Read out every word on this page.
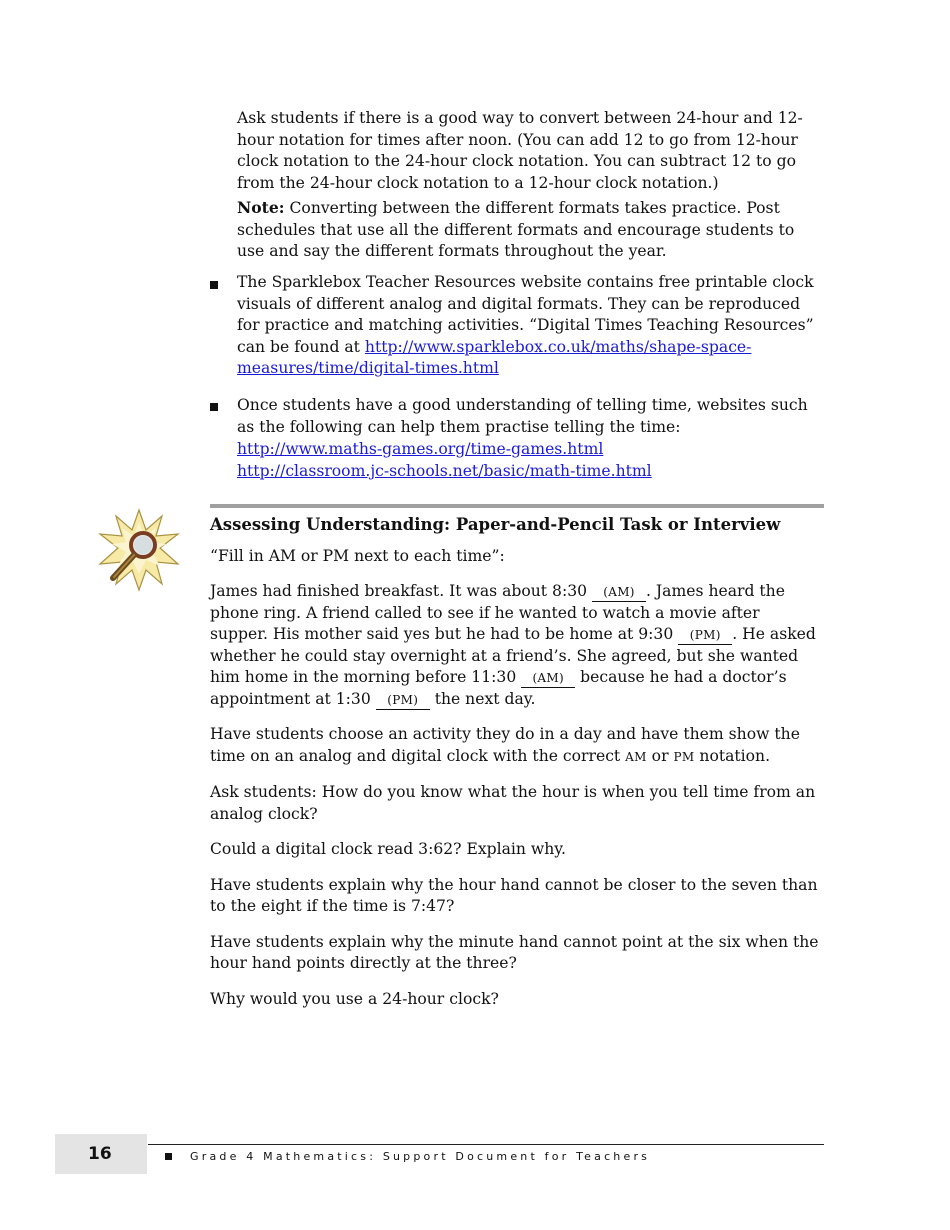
Ask students if there is a good way to convert between 24-hour and 12-hour notation for times after noon. (You can add 12 to go from 12-hour clock notation to the 24-hour clock notation. You can subtract 12 to go from the 24-hour clock notation to a 12-hour clock notation.)

Note: Converting between the different formats takes practice. Post schedules that use all the different formats and encourage students to use and say the different formats throughout the year.

The Sparklebox Teacher Resources website contains free printable clock visuals of different analog and digital formats. They can be reproduced for practice and matching activities. “Digital Times Teaching Resources” can be found at http://www.sparklebox.co.uk/maths/shape-space-measures/time/digital-times.html

Once students have a good understanding of telling time, websites such as the following can help them practise telling the time:

http://www.maths-games.org/time-games.html
http://classroom.jc-schools.net/basic/math-time.html

Assessing Understanding: Paper-and-Pencil Task or Interview

“Fill in AM or PM next to each time”:

James had finished breakfast. It was about 8:30 (AM) . James heard the phone ring. A friend called to see if he wanted to watch a movie after supper. His mother said yes but he had to be home at 9:30 (PM) . He asked whether he could stay overnight at a friend’s. She agreed, but she wanted him home in the morning before 11:30 (AM) because he had a doctor’s appointment at 1:30 (PM) the next day.

Have students choose an activity they do in a day and have them show the time on an analog and digital clock with the correct AM or PM notation.

Ask students: How do you know what the hour is when you tell time from an analog clock?

Could a digital clock read 3:62? Explain why.

Have students explain why the hour hand cannot be closer to the seven than to the eight if the time is 7:47?

Have students explain why the minute hand cannot point at the six when the hour hand points directly at the three?

Why would you use a 24-hour clock?

16	Grade 4 Mathematics: Support Document for Teachers
